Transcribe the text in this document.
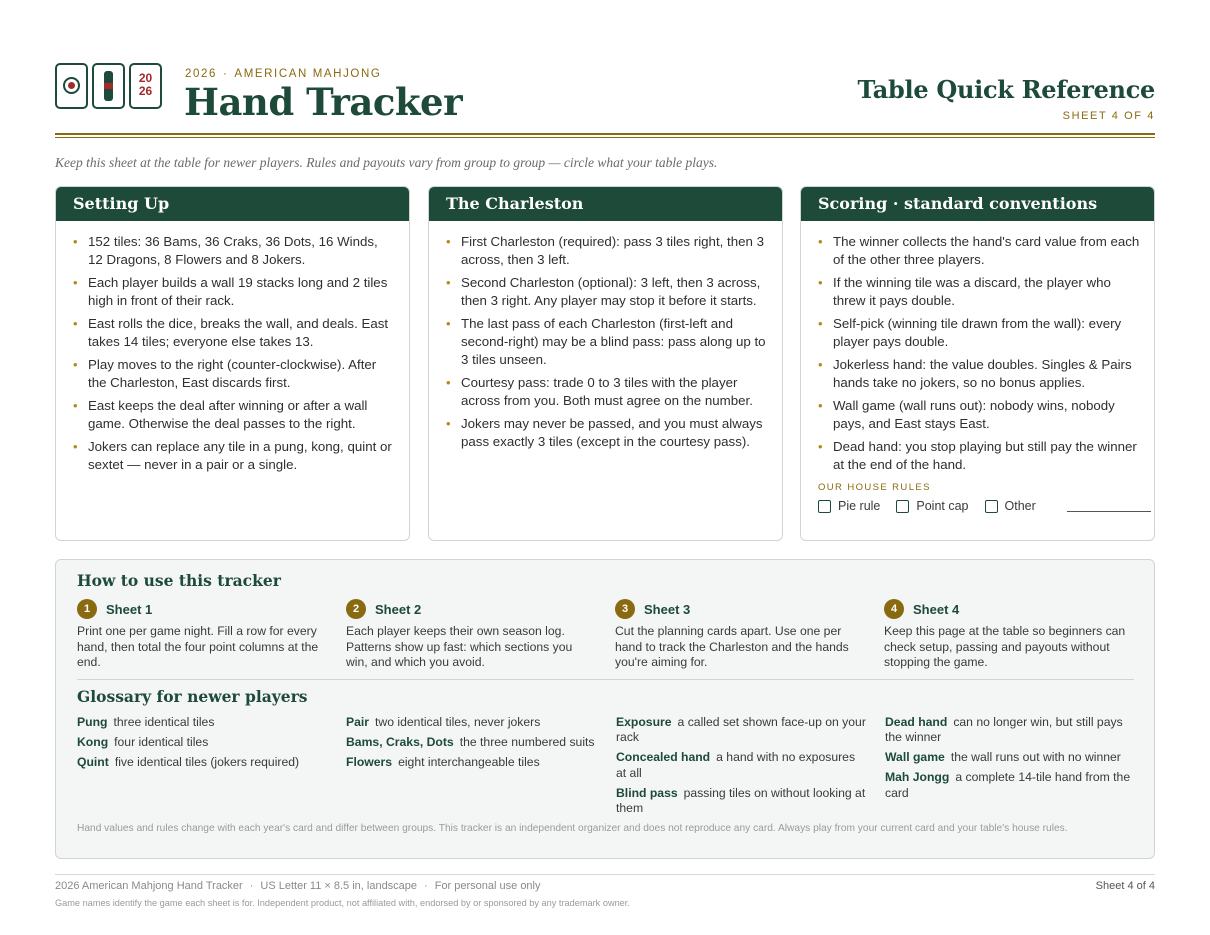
20
26
2026 · AMERICAN MAHJONG
Hand Tracker	Table Quick Reference
SHEET 4 OF 4
Keep this sheet at the table for newer players. Rules and payouts vary from group to group — circle what your table plays.
Setting Up
• 152 tiles: 36 Bams, 36 Craks, 36 Dots, 16 Winds, 12 Dragons, 8 Flowers and 8 Jokers.
• Each player builds a wall 19 stacks long and 2 tiles high in front of their rack.
• East rolls the dice, breaks the wall, and deals. East takes 14 tiles; everyone else takes 13.
• Play moves to the right (counter-clockwise). After the Charleston, East discards first.
• East keeps the deal after winning or after a wall game. Otherwise the deal passes to the right.
• Jokers can replace any tile in a pung, kong, quint or sextet — never in a pair or a single.
The Charleston
• First Charleston (required): pass 3 tiles right, then 3 across, then 3 left.
• Second Charleston (optional): 3 left, then 3 across, then 3 right. Any player may stop it before it starts.
• The last pass of each Charleston (first-left and second-right) may be a blind pass: pass along up to 3 tiles unseen.
• Courtesy pass: trade 0 to 3 tiles with the player across from you. Both must agree on the number.
• Jokers may never be passed, and you must always pass exactly 3 tiles (except in the courtesy pass).
Scoring · standard conventions
• The winner collects the hand's card value from each of the other three players.
• If the winning tile was a discard, the player who threw it pays double.
• Self-pick (winning tile drawn from the wall): every player pays double.
• Jokerless hand: the value doubles. Singles & Pairs hands take no jokers, so no bonus applies.
• Wall game (wall runs out): nobody wins, nobody pays, and East stays East.
• Dead hand: you stop playing but still pay the winner at the end of the hand.
OUR HOUSE RULES
Pie rule	Point cap	Other
How to use this tracker
1	Sheet 1
Print one per game night. Fill a row for every hand, then total the four point columns at the end.
2	Sheet 2
Each player keeps their own season log. Patterns show up fast: which sections you win, and which you avoid.
3	Sheet 3
Cut the planning cards apart. Use one per hand to track the Charleston and the hands you're aiming for.
4	Sheet 4
Keep this page at the table so beginners can check setup, passing and payouts without stopping the game.
Glossary for newer players
Pung three identical tiles
Kong four identical tiles
Quint five identical tiles (jokers required)
Pair two identical tiles, never jokers
Bams, Craks, Dots the three numbered suits
Flowers eight interchangeable tiles
Exposure a called set shown face-up on your rack
Concealed hand a hand with no exposures at all
Blind pass passing tiles on without looking at them
Dead hand can no longer win, but still pays the winner
Wall game the wall runs out with no winner
Mah Jongg a complete 14-tile hand from the card
Hand values and rules change with each year's card and differ between groups. This tracker is an independent organizer and does not reproduce any card. Always play from your current card and your table's house rules.
2026 American Mahjong Hand Tracker · US Letter 11 × 8.5 in, landscape · For personal use only	Sheet 4 of 4
Game names identify the game each sheet is for. Independent product, not affiliated with, endorsed by or sponsored by any trademark owner.
